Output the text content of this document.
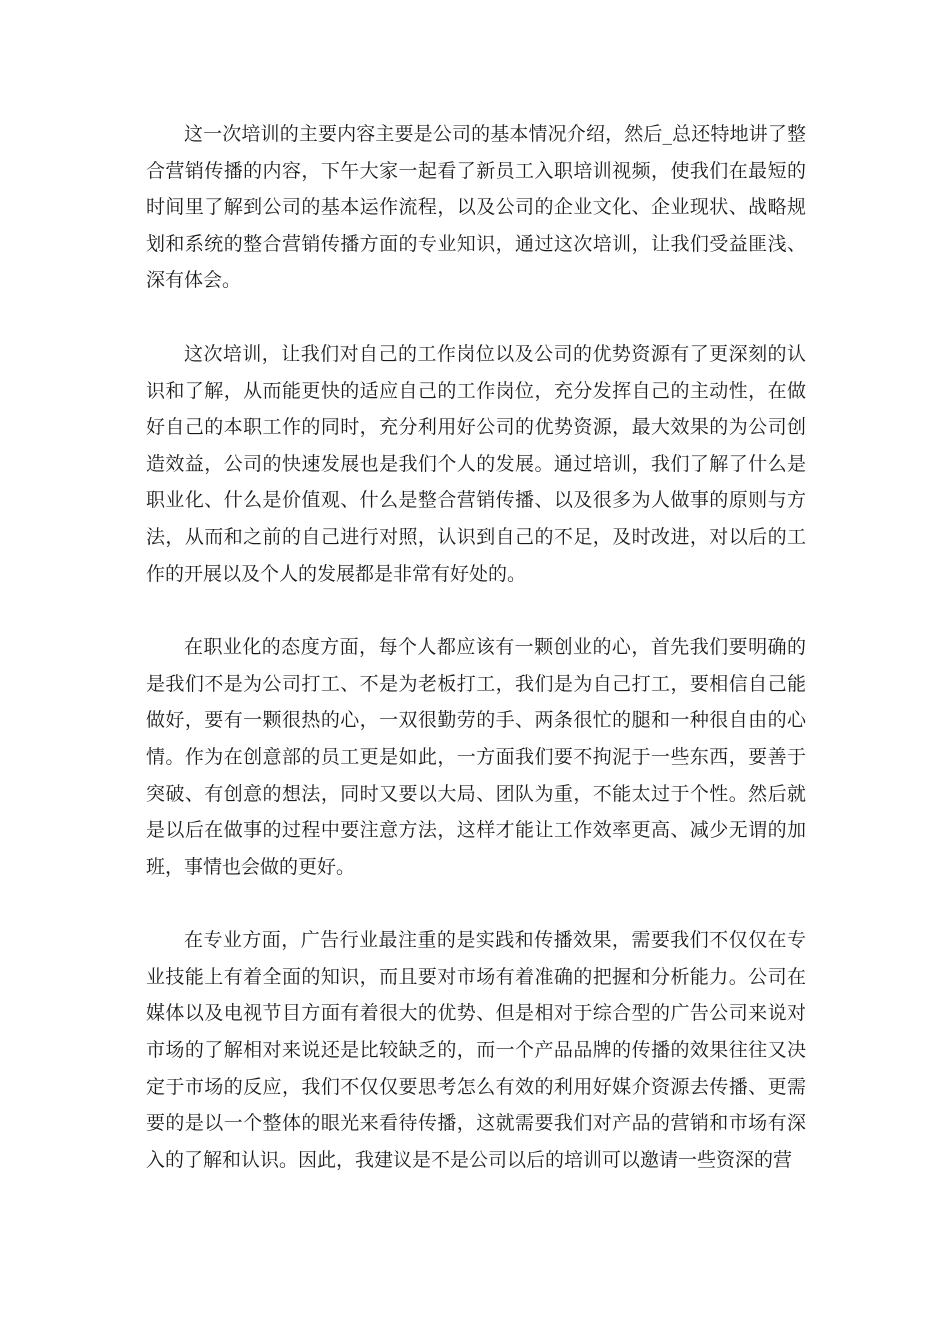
这一次培训的主要内容主要是公司的基本情况介绍，然后_总还特地讲了整合营销传播的内容，下午大家一起看了新员工入职培训视频，使我们在最短的时间里了解到公司的基本运作流程，以及公司的企业文化、企业现状、战略规划和系统的整合营销传播方面的专业知识，通过这次培训，让我们受益匪浅、深有体会。

这次培训，让我们对自己的工作岗位以及公司的优势资源有了更深刻的认识和了解，从而能更快的适应自己的工作岗位，充分发挥自己的主动性，在做好自己的本职工作的同时，充分利用好公司的优势资源，最大效果的为公司创造效益，公司的快速发展也是我们个人的发展。通过培训，我们了解了什么是职业化、什么是价值观、什么是整合营销传播、以及很多为人做事的原则与方法，从而和之前的自己进行对照，认识到自己的不足，及时改进，对以后的工作的开展以及个人的发展都是非常有好处的。

在职业化的态度方面，每个人都应该有一颗创业的心，首先我们要明确的是我们不是为公司打工、不是为老板打工，我们是为自己打工，要相信自己能做好，要有一颗很热的心，一双很勤劳的手、两条很忙的腿和一种很自由的心情。作为在创意部的员工更是如此，一方面我们要不拘泥于一些东西，要善于突破、有创意的想法，同时又要以大局、团队为重，不能太过于个性。然后就是以后在做事的过程中要注意方法，这样才能让工作效率更高、减少无谓的加班，事情也会做的更好。

在专业方面，广告行业最注重的是实践和传播效果，需要我们不仅仅在专业技能上有着全面的知识，而且要对市场有着准确的把握和分析能力。公司在媒体以及电视节目方面有着很大的优势、但是相对于综合型的广告公司来说对市场的了解相对来说还是比较缺乏的，而一个产品品牌的传播的效果往往又决定于市场的反应，我们不仅仅要思考怎么有效的利用好媒介资源去传播、更需要的是以一个整体的眼光来看待传播，这就需要我们对产品的营销和市场有深入的了解和认识。因此，我建议是不是公司以后的培训可以邀请一些资深的营
